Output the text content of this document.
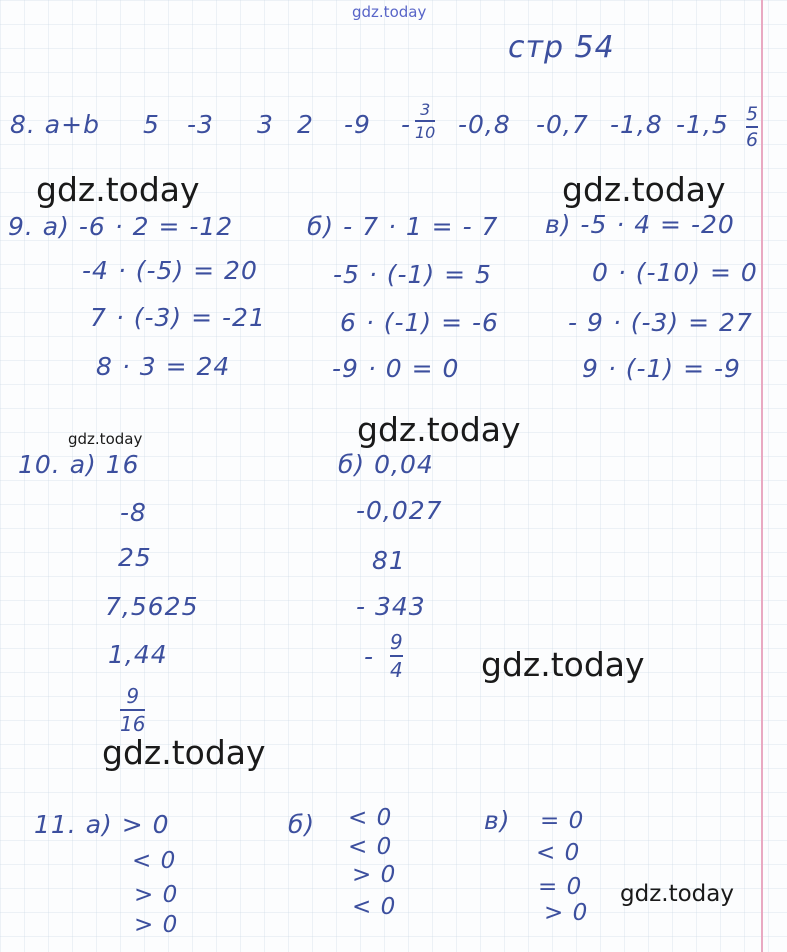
gdz.today
gdz.today	gdz.today
gdz.today
gdz.today
gdz.today
gdz.today
gdz.today
стр 54
8. a+b 5 -3 3 2 -9 -
3
10 -0,8 -0,7 -1,8 -1,5 5
6
9. а) -6 · 2 = -12
-4 · (-5) = 20
7 · (-3) = -21
8 · 3 = 24
б) - 7 · 1 = - 7
-5 · (-1) = 5
6 · (-1) = -6
-9 · 0 = 0
в) -5 · 4 = -20
0 · (-10) = 0
- 9 · (-3) = 27
9 · (-1) = -9
10. а) 16
-8
25
7,5625
1,44
9
16
б) 0,04
-0,027
81
- 343
- 9
4
11. а) > 0
< 0
> 0
> 0
б) < 0
< 0
> 0
< 0
в) = 0
< 0
= 0
> 0
